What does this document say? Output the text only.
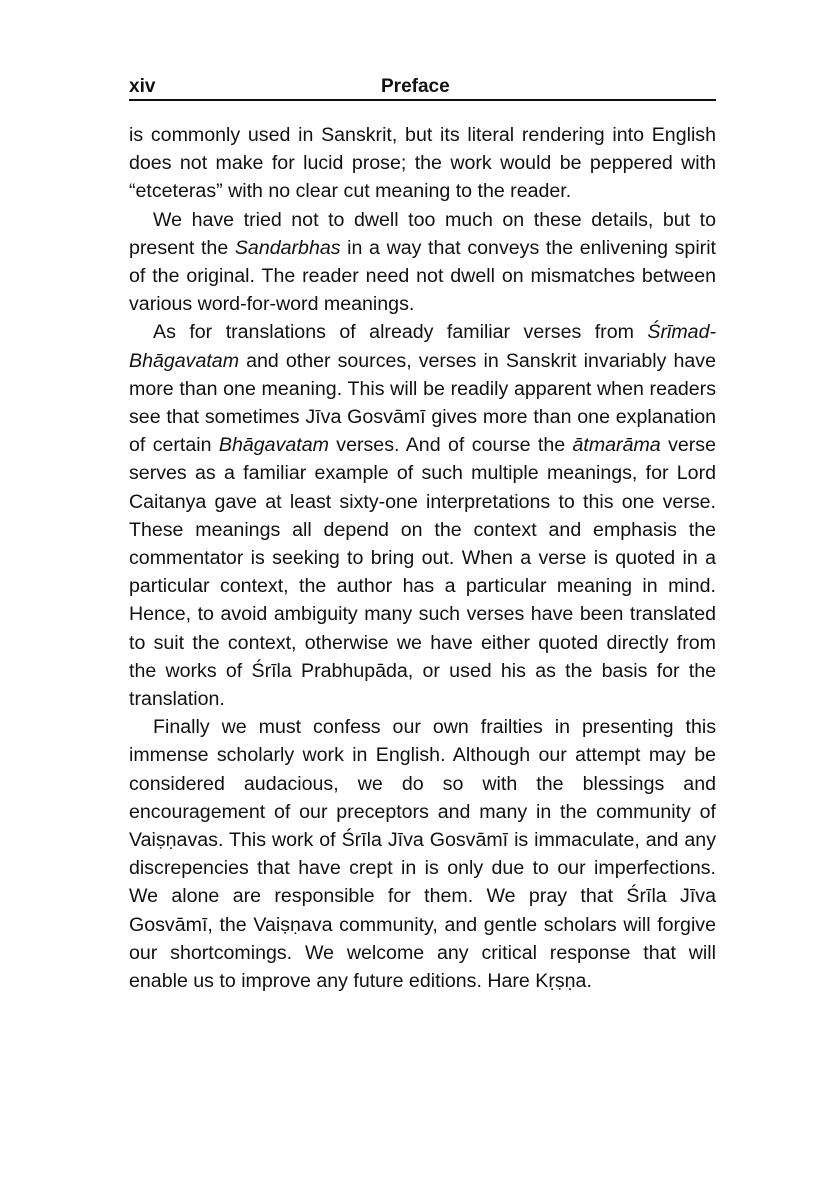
xiv	Preface

is commonly used in Sanskrit, but its literal rendering into English does not make for lucid prose; the work would be peppered with “etceteras” with no clear cut meaning to the reader.

We have tried not to dwell too much on these details, but to present the Sandarbhas in a way that conveys the enlivening spirit of the original. The reader need not dwell on mismatches between various word-for-word meanings.

As for translations of already familiar verses from Śrīmad-Bhāgavatam and other sources, verses in Sanskrit invariably have more than one meaning. This will be readily apparent when readers see that sometimes Jīva Gosvāmī gives more than one explanation of certain Bhāgavatam verses. And of course the ātmarāma verse serves as a familiar example of such multiple meanings, for Lord Caitanya gave at least sixty-one interpretations to this one verse. These meanings all depend on the context and emphasis the commentator is seeking to bring out. When a verse is quoted in a particular context, the author has a particular meaning in mind. Hence, to avoid ambiguity many such verses have been translated to suit the context, otherwise we have either quoted directly from the works of Śrīla Prabhupāda, or used his as the basis for the translation.

Finally we must confess our own frailties in presenting this immense scholarly work in English. Although our attempt may be considered audacious, we do so with the blessings and encouragement of our preceptors and many in the community of Vaiṣṇavas. This work of Śrīla Jīva Gosvāmī is immaculate, and any discrepencies that have crept in is only due to our imperfections. We alone are responsible for them. We pray that Śrīla Jīva Gosvāmī, the Vaiṣṇava community, and gentle scholars will forgive our shortcomings. We welcome any critical response that will enable us to improve any future editions. Hare Kṛṣṇa.
